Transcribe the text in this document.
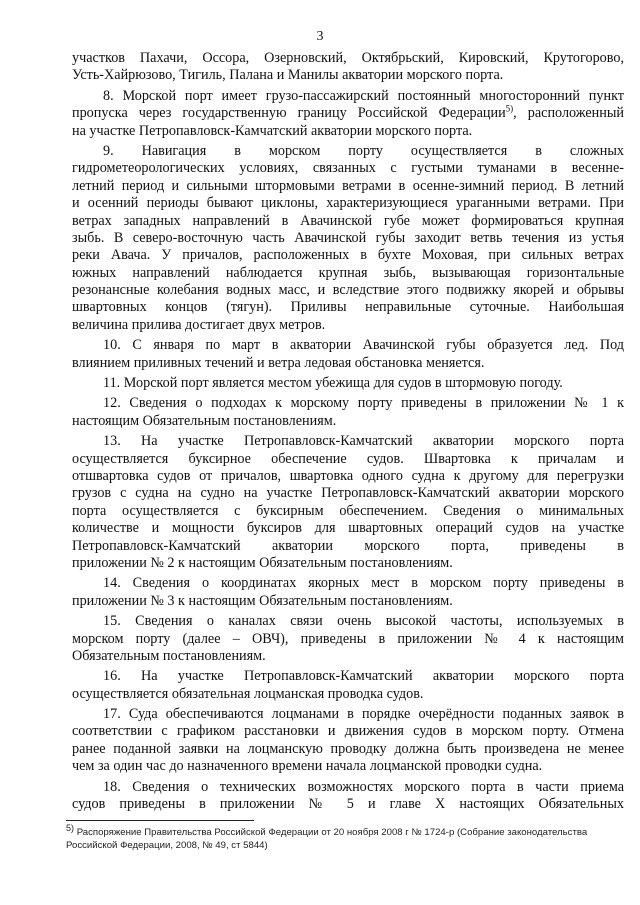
3
участков Пахачи, Оссора, Озерновский, Октябрьский, Кировский, Крутогорово,
Усть-Хайрюзово, Тигиль, Палана и Манилы акватории морского порта.
8. Морской порт имеет грузо-пассажирский постоянный многосторонний пункт
пропуска через государственную границу Российской Федерации$^{5)}$, расположенный
на участке Петропавловск-Камчатский акватории морского порта.
9. Навигация в морском порту осуществляется в сложных
гидрометеорологических условиях, связанных с густыми туманами в весенне-
летний период и сильными штормовыми ветрами в осенне-зимний период. В летний
и осенний периоды бывают циклоны, характеризующиеся ураганными ветрами. При
ветрах западных направлений в Авачинской губе может формироваться крупная
зыбь. В северо-восточную часть Авачинской губы заходит ветвь течения из устья
реки Авача. У причалов, расположенных в бухте Моховая, при сильных ветрах
южных направлений наблюдается крупная зыбь, вызывающая горизонтальные
резонансные колебания водных масс, и вследствие этого подвижку якорей и обрывы
швартовных концов (тягун). Приливы неправильные суточные. Наибольшая
величина прилива достигает двух метров.
10. С января по март в акватории Авачинской губы образуется лед. Под
влиянием приливных течений и ветра ледовая обстановка меняется.
11. Морской порт является местом убежища для судов в штормовую погоду.
12. Сведения о подходах к морскому порту приведены в приложении № 1 к
настоящим Обязательным постановлениям.
13. На участке Петропавловск-Камчатский акватории морского порта
осуществляется буксирное обеспечение судов. Швартовка к причалам и
отшвартовка судов от причалов, швартовка одного судна к другому для перегрузки
грузов с судна на судно на участке Петропавловск-Камчатский акватории морского
порта осуществляется с буксирным обеспечением. Сведения о минимальных
количестве и мощности буксиров для швартовных операций судов на участке
Петропавловск-Камчатский акватории морского порта, приведены в
приложении № 2 к настоящим Обязательным постановлениям.
14. Сведения о координатах якорных мест в морском порту приведены в
приложении № 3 к настоящим Обязательным постановлениям.
15. Сведения о каналах связи очень высокой частоты, используемых в
морском порту (далее – ОВЧ), приведены в приложении № 4 к настоящим
Обязательным постановлениям.
16. На участке Петропавловск-Камчатский акватории морского порта
осуществляется обязательная лоцманская проводка судов.
17. Суда обеспечиваются лоцманами в порядке очерёдности поданных заявок в
соответствии с графиком расстановки и движения судов в морском порту. Отмена
ранее поданной заявки на лоцманскую проводку должна быть произведена не менее
чем за один час до назначенного времени начала лоцманской проводки судна.
18. Сведения о технических возможностях морского порта в части приема
судов приведены в приложении № 5 и главе X настоящих Обязательных
$^{5)}$ Распоряжение Правительства Российской Федерации от 20 ноября 2008 г № 1724-р (Собрание законодательства
Российской Федерации, 2008, № 49, ст 5844)
